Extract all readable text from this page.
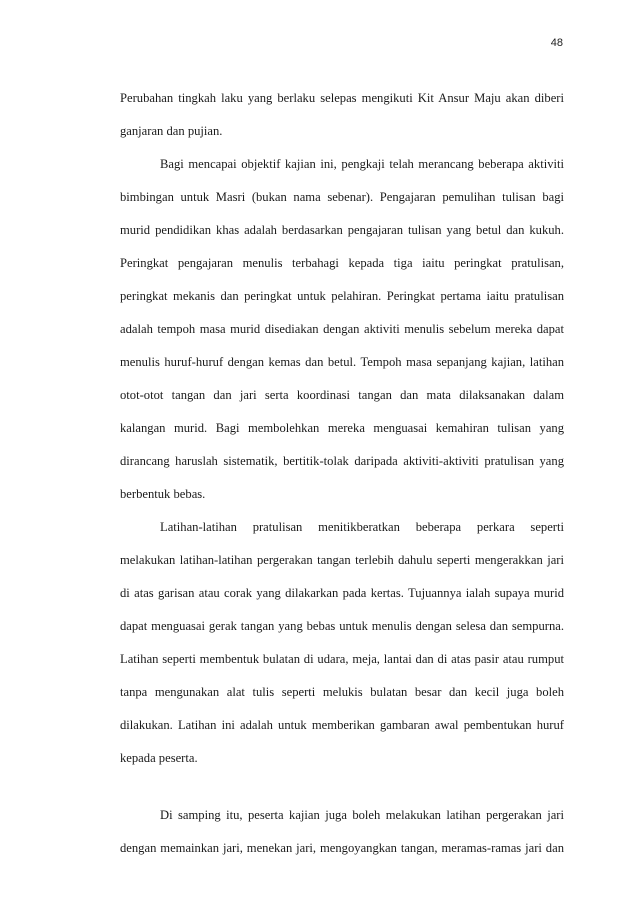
48
Perubahan tingkah laku yang berlaku selepas mengikuti Kit Ansur Maju akan diberi
ganjaran dan pujian.
Bagi mencapai objektif kajian ini, pengkaji telah merancang beberapa aktiviti
bimbingan untuk Masri (bukan nama sebenar). Pengajaran pemulihan tulisan bagi
murid pendidikan khas adalah berdasarkan pengajaran tulisan yang betul dan kukuh.
Peringkat pengajaran menulis terbahagi kepada tiga iaitu peringkat pratulisan,
peringkat mekanis dan peringkat untuk pelahiran. Peringkat pertama iaitu pratulisan
adalah tempoh masa murid disediakan dengan aktiviti menulis sebelum mereka dapat
menulis huruf-huruf dengan kemas dan betul. Tempoh masa sepanjang kajian, latihan
otot-otot tangan dan jari serta koordinasi tangan dan mata dilaksanakan dalam
kalangan murid. Bagi membolehkan mereka menguasai kemahiran tulisan yang
dirancang haruslah sistematik, bertitik-tolak daripada aktiviti-aktiviti pratulisan yang
berbentuk bebas.
Latihan-latihan pratulisan menitikberatkan beberapa perkara seperti
melakukan latihan-latihan pergerakan tangan terlebih dahulu seperti mengerakkan jari
di atas garisan atau corak yang dilakarkan pada kertas. Tujuannya ialah supaya murid
dapat menguasai gerak tangan yang bebas untuk menulis dengan selesa dan sempurna.
Latihan seperti membentuk bulatan di udara, meja, lantai dan di atas pasir atau rumput
tanpa mengunakan alat tulis seperti melukis bulatan besar dan kecil juga boleh
dilakukan. Latihan ini adalah untuk memberikan gambaran awal pembentukan huruf
kepada peserta.
Di samping itu, peserta kajian juga boleh melakukan latihan pergerakan jari
dengan memainkan jari, menekan jari, mengoyangkan tangan, meramas-ramas jari dan
